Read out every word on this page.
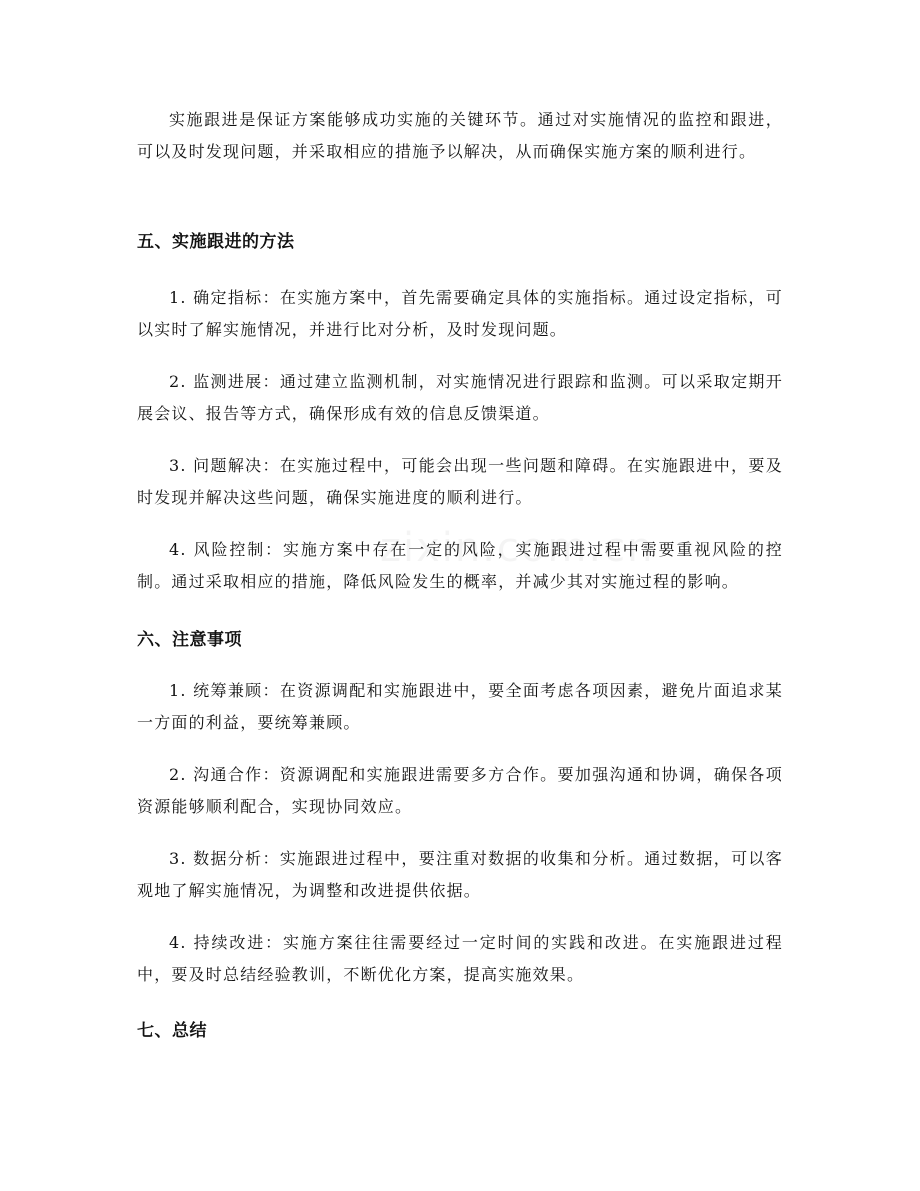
实施跟进是保证方案能够成功实施的关键环节。通过对实施情况的监控和跟进，可以及时发现问题，并采取相应的措施予以解决，从而确保实施方案的顺利进行。

五、实施跟进的方法

1. 确定指标：在实施方案中，首先需要确定具体的实施指标。通过设定指标，可以实时了解实施情况，并进行比对分析，及时发现问题。

2. 监测进展：通过建立监测机制，对实施情况进行跟踪和监测。可以采取定期开展会议、报告等方式，确保形成有效的信息反馈渠道。

3. 问题解决：在实施过程中，可能会出现一些问题和障碍。在实施跟进中，要及时发现并解决这些问题，确保实施进度的顺利进行。

4. 风险控制：实施方案中存在一定的风险，实施跟进过程中需要重视风险的控制。通过采取相应的措施，降低风险发生的概率，并减少其对实施过程的影响。

六、注意事项

1. 统筹兼顾：在资源调配和实施跟进中，要全面考虑各项因素，避免片面追求某一方面的利益，要统筹兼顾。

2. 沟通合作：资源调配和实施跟进需要多方合作。要加强沟通和协调，确保各项资源能够顺利配合，实现协同效应。

3. 数据分析：实施跟进过程中，要注重对数据的收集和分析。通过数据，可以客观地了解实施情况，为调整和改进提供依据。

4. 持续改进：实施方案往往需要经过一定时间的实践和改进。在实施跟进过程中，要及时总结经验教训，不断优化方案，提高实施效果。

七、总结
